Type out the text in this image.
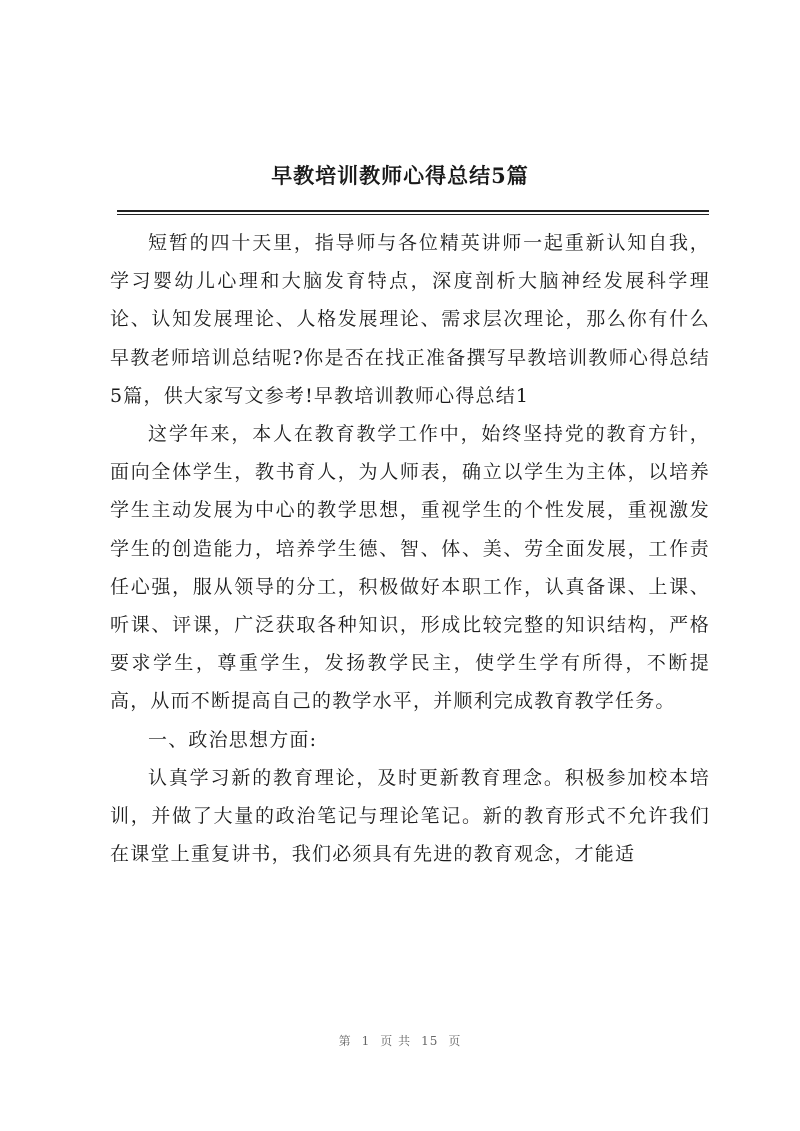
早教培训教师心得总结5篇

短暂的四十天里，指导师与各位精英讲师一起重新认知自我，学习婴幼儿心理和大脑发育特点，深度剖析大脑神经发展科学理论、认知发展理论、人格发展理论、需求层次理论，那么你有什么早教老师培训总结呢?你是否在找正准备撰写早教培训教师心得总结5篇，供大家写文参考!早教培训教师心得总结1

这学年来，本人在教育教学工作中，始终坚持党的教育方针，面向全体学生，教书育人，为人师表，确立以学生为主体，以培养学生主动发展为中心的教学思想，重视学生的个性发展，重视激发学生的创造能力，培养学生德、智、体、美、劳全面发展，工作责任心强，服从领导的分工，积极做好本职工作，认真备课、上课、听课、评课，广泛获取各种知识，形成比较完整的知识结构，严格要求学生，尊重学生，发扬教学民主，使学生学有所得，不断提高，从而不断提高自己的教学水平，并顺利完成教育教学任务。

一、政治思想方面:

认真学习新的教育理论，及时更新教育理念。积极参加校本培训，并做了大量的政治笔记与理论笔记。新的教育形式不允许我们在课堂上重复讲书，我们必须具有先进的教育观念，才能适

第 1 页 共 15 页
